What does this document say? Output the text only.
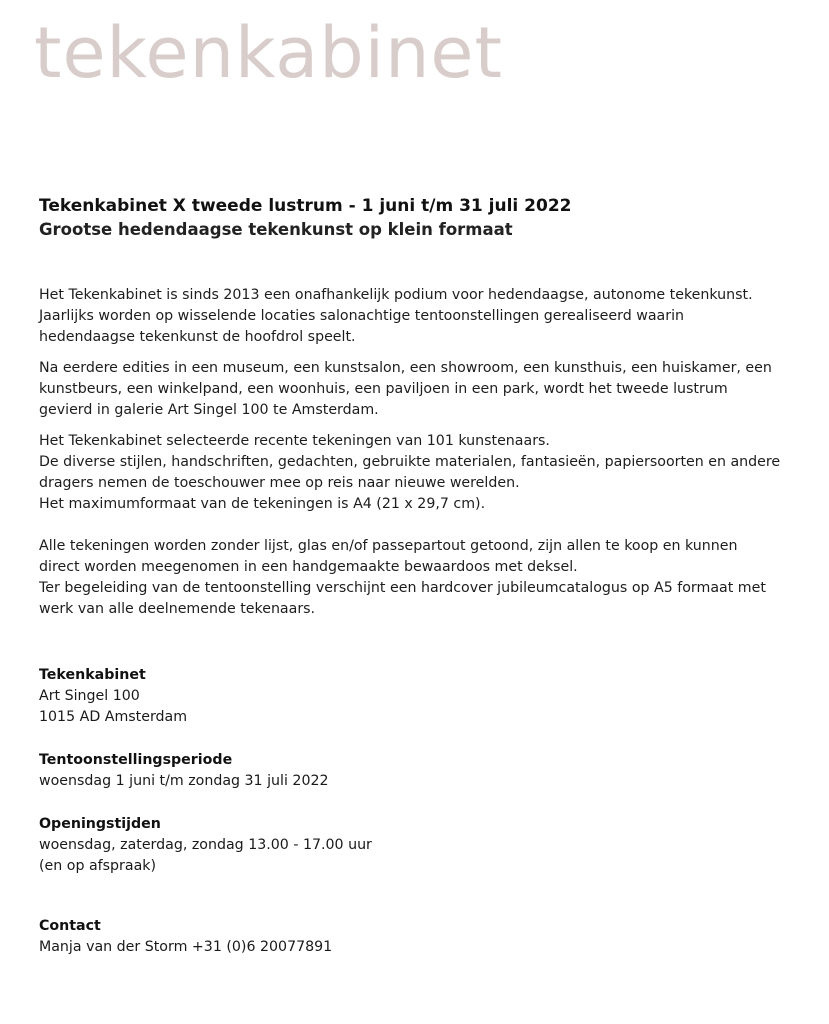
tekenkabinet
Tekenkabinet X tweede lustrum - 1 juni t/m 31 juli 2022
Grootse hedendaagse tekenkunst op klein formaat

Het Tekenkabinet is sinds 2013 een onafhankelijk podium voor hedendaagse, autonome tekenkunst.
Jaarlijks worden op wisselende locaties salonachtige tentoonstellingen gerealiseerd waarin
hedendaagse tekenkunst de hoofdrol speelt.

Na eerdere edities in een museum, een kunstsalon, een showroom, een kunsthuis, een huiskamer, een
kunstbeurs, een winkelpand, een woonhuis, een paviljoen in een park, wordt het tweede lustrum
gevierd in galerie Art Singel 100 te Amsterdam.

Het Tekenkabinet selecteerde recente tekeningen van 101 kunstenaars.
De diverse stijlen, handschriften, gedachten, gebruikte materialen, fantasieën, papiersoorten en andere
dragers nemen de toeschouwer mee op reis naar nieuwe werelden.
Het maximumformaat van de tekeningen is A4 (21 x 29,7 cm).

Alle tekeningen worden zonder lijst, glas en/of passepartout getoond, zijn allen te koop en kunnen
direct worden meegenomen in een handgemaakte bewaardoos met deksel.
Ter begeleiding van de tentoonstelling verschijnt een hardcover jubileumcatalogus op A5 formaat met
werk van alle deelnemende tekenaars.

Tekenkabinet
Art Singel 100
1015 AD Amsterdam
Tentoonstellingsperiode
woensdag 1 juni t/m zondag 31 juli 2022
Openingstijden
woensdag, zaterdag, zondag 13.00 - 17.00 uur
(en op afspraak)
Contact
Manja van der Storm +31 (0)6 20077891
